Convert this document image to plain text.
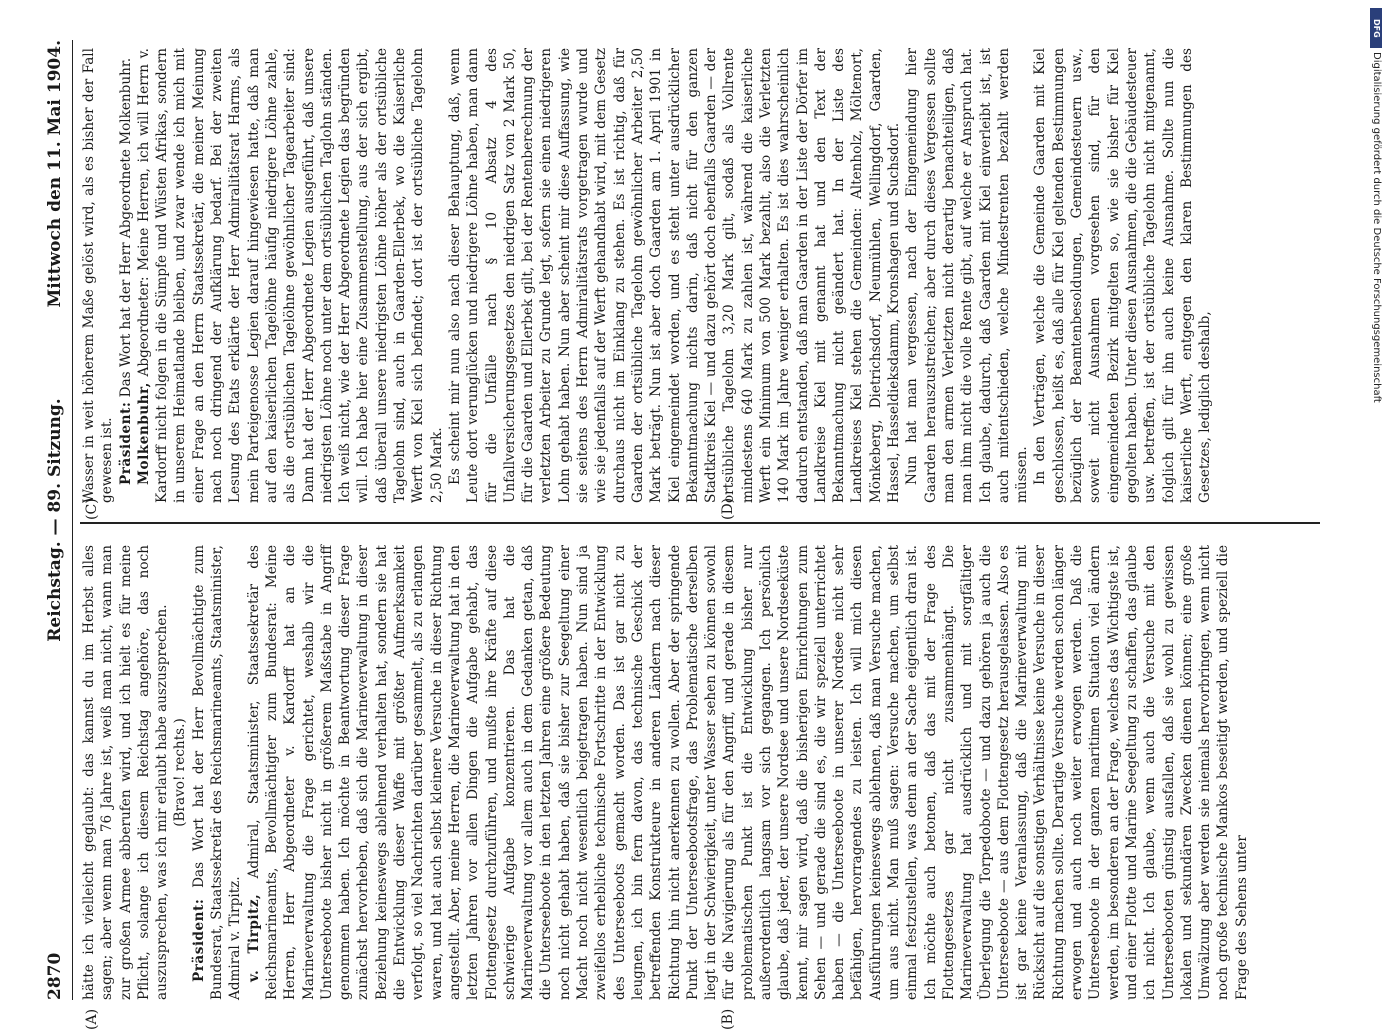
2870
Reichstag. — 89. Sitzung.
Mittwoch den 11. Mai 1904.

hätte ich vielleicht geglaubt: das kannst du im Herbst alles sagen; aber wenn man 76 Jahre ist, weiß man nicht, wann man zur großen Armee abberufen wird, und ich hielt es für meine Pflicht, solange ich diesem Reichstag angehöre, das noch auszusprechen, was ich mir erlaubt habe auszusprechen. (Bravo! rechts.)

Präsident: Das Wort hat der Herr Bevollmächtigte zum Bundesrat, Staatssekretär des Reichsmarineamts, Staatsminister, Admiral v. Tirpitz. v. Tirpitz, Admiral, Staatsminister, Staatssekretär des Reichsmarineamts, Bevollmächtigter zum Bundesrat: Meine Herren, Herr Abgeordneter v. Kardorff hat an die Marineverwaltung die Frage gerichtet, weshalb wir die Unterseeboote bisher nicht in größerem Maßstabe in Angriff genommen haben. Ich möchte in Beantwortung dieser Frage zunächst hervorheben, daß sich die Marineverwaltung in dieser Beziehung keineswegs ablehnend verhalten hat, sondern sie hat die Entwicklung dieser Waffe mit größter Aufmerksamkeit verfolgt, so viel Nachrichten darüber gesammelt, als zu erlangen waren, und hat auch selbst kleinere Versuche in dieser Richtung angestellt. Aber, meine Herren, die Marineverwaltung hat in den letzten Jahren vor allen Dingen die Aufgabe gehabt, das Flottengesetz durchzuführen, und mußte ihre Kräfte auf diese schwierige Aufgabe konzentrieren. Das hat die Marineverwaltung vor allem auch in dem Gedanken getan, daß die Unterseeboote in den letzten Jahren eine größere Bedeutung noch nicht gehabt haben, daß sie bisher zur Seegeltung einer Macht noch nicht wesentlich beigetragen haben. Nun sind ja zweifellos erhebliche technische Fortschritte in der Entwicklung des Unterseeboots gemacht worden. Das ist gar nicht zu leugnen, ich bin fern davon, das technische Geschick der betreffenden Konstrukteure in anderen Ländern nach dieser Richtung hin nicht anerkennen zu wollen. Aber der springende Punkt der Unterseebootsfrage, das Problematische derselben liegt in der Schwierigkeit, unter Wasser sehen zu können sowohl für die Navigierung als für den Angriff, und gerade in diesem problematischen Punkt ist die Entwicklung bisher nur außerordentlich langsam vor sich gegangen. Ich persönlich glaube, daß jeder, der unsere Nordsee und unsere Nordseeküste kennt, mir sagen wird, daß die bisherigen Einrichtungen zum Sehen — und gerade die sind es, die wir speziell unterrichtet haben — die Unterseeboote in unserer Nordsee nicht sehr befähigen, hervorragendes zu leisten. Ich will mich diesen Ausführungen keineswegs ablehnen, daß man Versuche machen, um aus nicht. Man muß sagen: Versuche machen, um selbst einmal festzustellen, was denn an der Sache eigentlich dran ist. Ich möchte auch betonen, daß das mit der Frage des Flottengesetzes gar nicht zusammenhängt. Die Marineverwaltung hat ausdrücklich und mit sorgfältiger Überlegung die Torpedoboote — und dazu gehören ja auch die Unterseeboote — aus dem Flottengesetz herausgelassen. Also es ist gar keine Veranlassung, daß die Marineverwaltung mit Rücksicht auf die sonstigen Verhältnisse keine Versuche in dieser Richtung machen sollte. Derartige Versuche werden schon länger erwogen und auch noch weiter erwogen werden. Daß die Unterseeboote in der ganzen maritimen Situation viel ändern werden, im besonderen an der Frage, welches das Wichtigste ist, und einer Flotte und Marine Seegeltung zu schaffen, das glaube ich nicht. Ich glaube, wenn auch die Versuche mit den Unterseebooten günstig ausfallen, daß sie wohl zu gewissen lokalen und sekundären Zwecken dienen können; eine große Umwälzung aber werden sie niemals hervorbringen, wenn nicht noch große technische Mankos beseitigt werden, und speziell die Frage des Sehens unter

Wasser in weit höherem Maße gelöst wird, als es bisher der Fall gewesen ist. Präsident: Das Wort hat der Herr Abgeordnete Molkenbuhr.

Molkenbuhr, Abgeordneter: Meine Herren, ich will Herrn v. Kardorff nicht folgen in die Sümpfe und Wüsten Afrikas, sondern in unserem Heimatlande bleiben, und zwar wende ich mich mit einer Frage an den Herrn Staatssekretär, die meiner Meinung nach noch dringend der Aufklärung bedarf. Bei der zweiten Lesung des Etats erklärte der Herr Admiralitätsrat Harms, als mein Parteigenosse Legien darauf hingewiesen hatte, daß man auf den kaiserlichen Tagelöhne häufig niedrigere Löhne zahle, als die ortsüblichen Tagelöhne gewöhnlicher Tagearbeiter sind: Dann hat der Herr Abgeordnete Legien ausgeführt, daß unsere niedrigsten Löhne noch unter dem ortsüblichen Taglohn ständen. Ich weiß nicht, wie der Herr Abgeordnete Legien das begründen will. Ich habe hier eine Zusammenstellung, aus der sich ergibt, daß überall unsere niedrigsten Löhne höher als der ortsübliche Tagelohn sind, auch in Gaarden-Ellerbek, wo die Kaiserliche Werft von Kiel sich befindet; dort ist der ortsübliche Tagelohn 2,50 Mark. Es scheint mir nun also nach dieser Behauptung, daß, wenn Leute dort verunglücken und niedrigere Löhne haben, man dann für die Unfälle nach § 10 Absatz 4 des Unfallversicherungsgesetzes den niedrigen Satz von 2 Mark 50, für die Gaarden und Ellerbek gilt, bei der Rentenberechnung der verletzten Arbeiter zu Grunde legt, sofern sie einen niedrigeren Lohn gehabt haben. Nun aber scheint mir diese Auffassung, wie sie seitens des Herrn Admiralitätsrats vorgetragen wurde und wie sie jedenfalls auf der Werft gehandhabt wird, mit dem Gesetz durchaus nicht im Einklang zu stehen. Es ist richtig, daß für Gaarden der ortsübliche Tagelohn gewöhnlicher Arbeiter 2,50 Mark beträgt. Nun ist aber doch Gaarden am 1. April 1901 in Kiel eingemeindet worden, und es steht unter ausdrücklicher Bekanntmachung nichts darin, daß nicht für den ganzen Stadtkreis Kiel — und dazu gehört doch ebenfalls Gaarden — der ortsübliche Tagelohn 3,20 Mark gilt, sodaß als Vollrente mindestens 640 Mark zu zahlen ist, während die kaiserliche Werft ein Minimum von 500 Mark bezahlt, also die Verletzten 140 Mark im Jahre weniger erhalten. Es ist dies wahrscheinlich dadurch entstanden, daß man Gaarden in der Liste der Dörfer im Landkreise Kiel mit genannt hat und den Text der Bekanntmachung nicht geändert hat. In der Liste des Landkreises Kiel stehen die Gemeinden: Altenholz, Möltenort, Mönkeberg, Dietrichsdorf, Neumühlen, Wellingdorf, Gaarden, Hassel, Hasseldieksdamm, Kronshagen und Suchsdorf. Nun hat man vergessen, nach der Eingemeindung hier Gaarden herauszustreichen; aber durch dieses Vergessen sollte man den armen Verletzten nicht derartig benachteiligen, daß man ihm nicht die volle Rente gibt, auf welche er Anspruch hat. Ich glaube, dadurch, daß Gaarden mit Kiel einverleibt ist, ist auch mitentschieden, welche Mindestrenten bezahlt werden müssen. In den Verträgen, welche die Gemeinde Gaarden mit Kiel geschlossen, heißt es, daß alle für Kiel geltenden Bestimmungen bezüglich der Beamtenbesoldungen, Gemeindesteuern usw., soweit nicht Ausnahmen vorgesehen sind, für den eingemeindeten Bezirk mitgelten so, wie sie bisher für Kiel gegolten haben. Unter diesen Ausnahmen, die die Gebäudesteuer usw. betreffen, ist der ortsübliche Tagelohn nicht mitgenannt, folglich gilt für ihn auch keine Ausnahme. Sollte nun die kaiserliche Werft, entgegen den klaren Bestimmungen des Gesetzes, lediglich deshalb,

(A)	(B)
(C)	(D)
DFG
Digitalisierung gefördert durch die Deutsche Forschungsgemeinschaft
